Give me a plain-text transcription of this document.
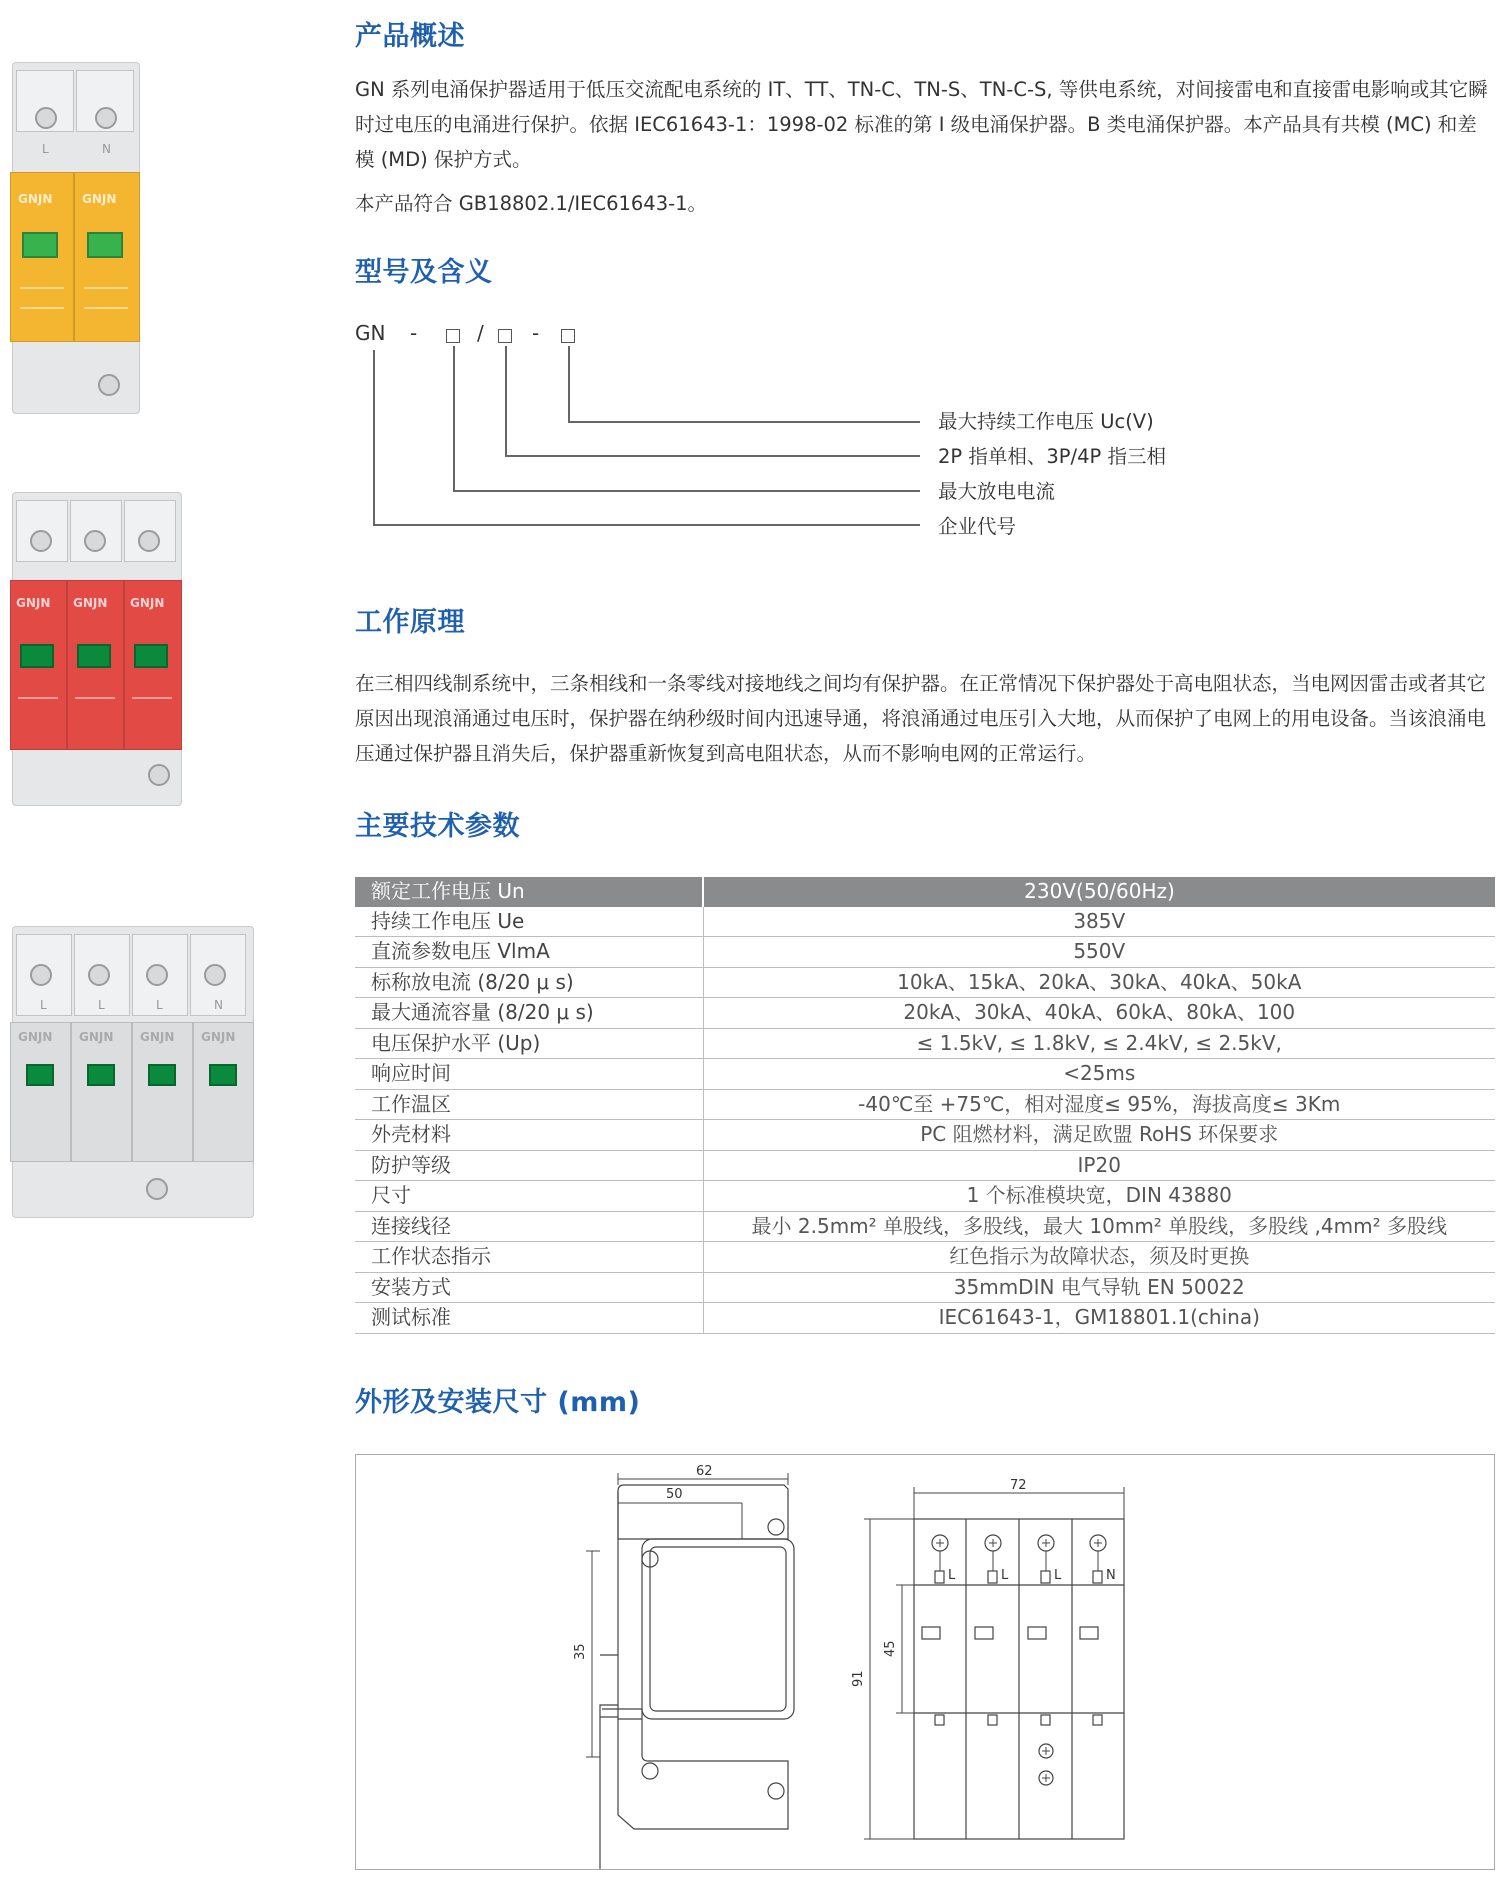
L	N
GNJN GNJN
GNJN GNJN GNJN
L	L	L	N
GNJN GNJN GNJN GNJN
产品概述

GN 系列电涌保护器适用于低压交流配电系统的 IT、TT、TN-C、TN-S、TN-C-S, 等供电系统，对间接雷电和直接雷电影响或其它瞬时过电压的电涌进行保护。依据 IEC61643-1：1998-02 标准的第 I 级电涌保护器。B 类电涌保护器。本产品具有共模 (MC) 和差模 (MD) 保护方式。

本产品符合 GB18802.1/IEC61643-1。

型号及含义
GN -	/ -
最大持续工作电压 Uc(V)
2P 指单相、3P/4P 指三相
最大放电电流
企业代号
工作原理

在三相四线制系统中，三条相线和一条零线对接地线之间均有保护器。在正常情况下保护器处于高电阻状态，当电网因雷击或者其它原因出现浪涌通过电压时，保护器在纳秒级时间内迅速导通，将浪涌通过电压引入大地，从而保护了电网上的用电设备。当该浪涌电压通过保护器且消失后，保护器重新恢复到高电阻状态，从而不影响电网的正常运行。

主要技术参数
额定工作电压 Un	230V(50/60Hz)
持续工作电压 Ue	385V
直流参数电压 VlmA	550V
标称放电流 (8/20 μ s)	10kA、15kA、20kA、30kA、40kA、50kA
最大通流容量 (8/20 μ s)	20kA、30kA、40kA、60kA、80kA、100
电压保护水平 (Up)	≤ 1.5kV, ≤ 1.8kV, ≤ 2.4kV, ≤ 2.5kV,
响应时间	<25ms
工作温区	-40℃至 +75℃，相对湿度≤ 95%，海拔高度≤ 3Km
外壳材料	PC 阻燃材料，满足欧盟 RoHS 环保要求
防护等级	IP20
尺寸	1 个标准模块宽，DIN 43880
连接线径	最小 2.5mm² 单股线，多股线，最大 10mm² 单股线，多股线 ,4mm² 多股线
工作状态指示	红色指示为故障状态，须及时更换
安装方式	35mmDIN 电气导轨 EN 50022
测试标准	IEC61643-1，GM18801.1(china)
外形及安装尺寸 (mm)
62
50
35
72
91
45
L	L	L	N
